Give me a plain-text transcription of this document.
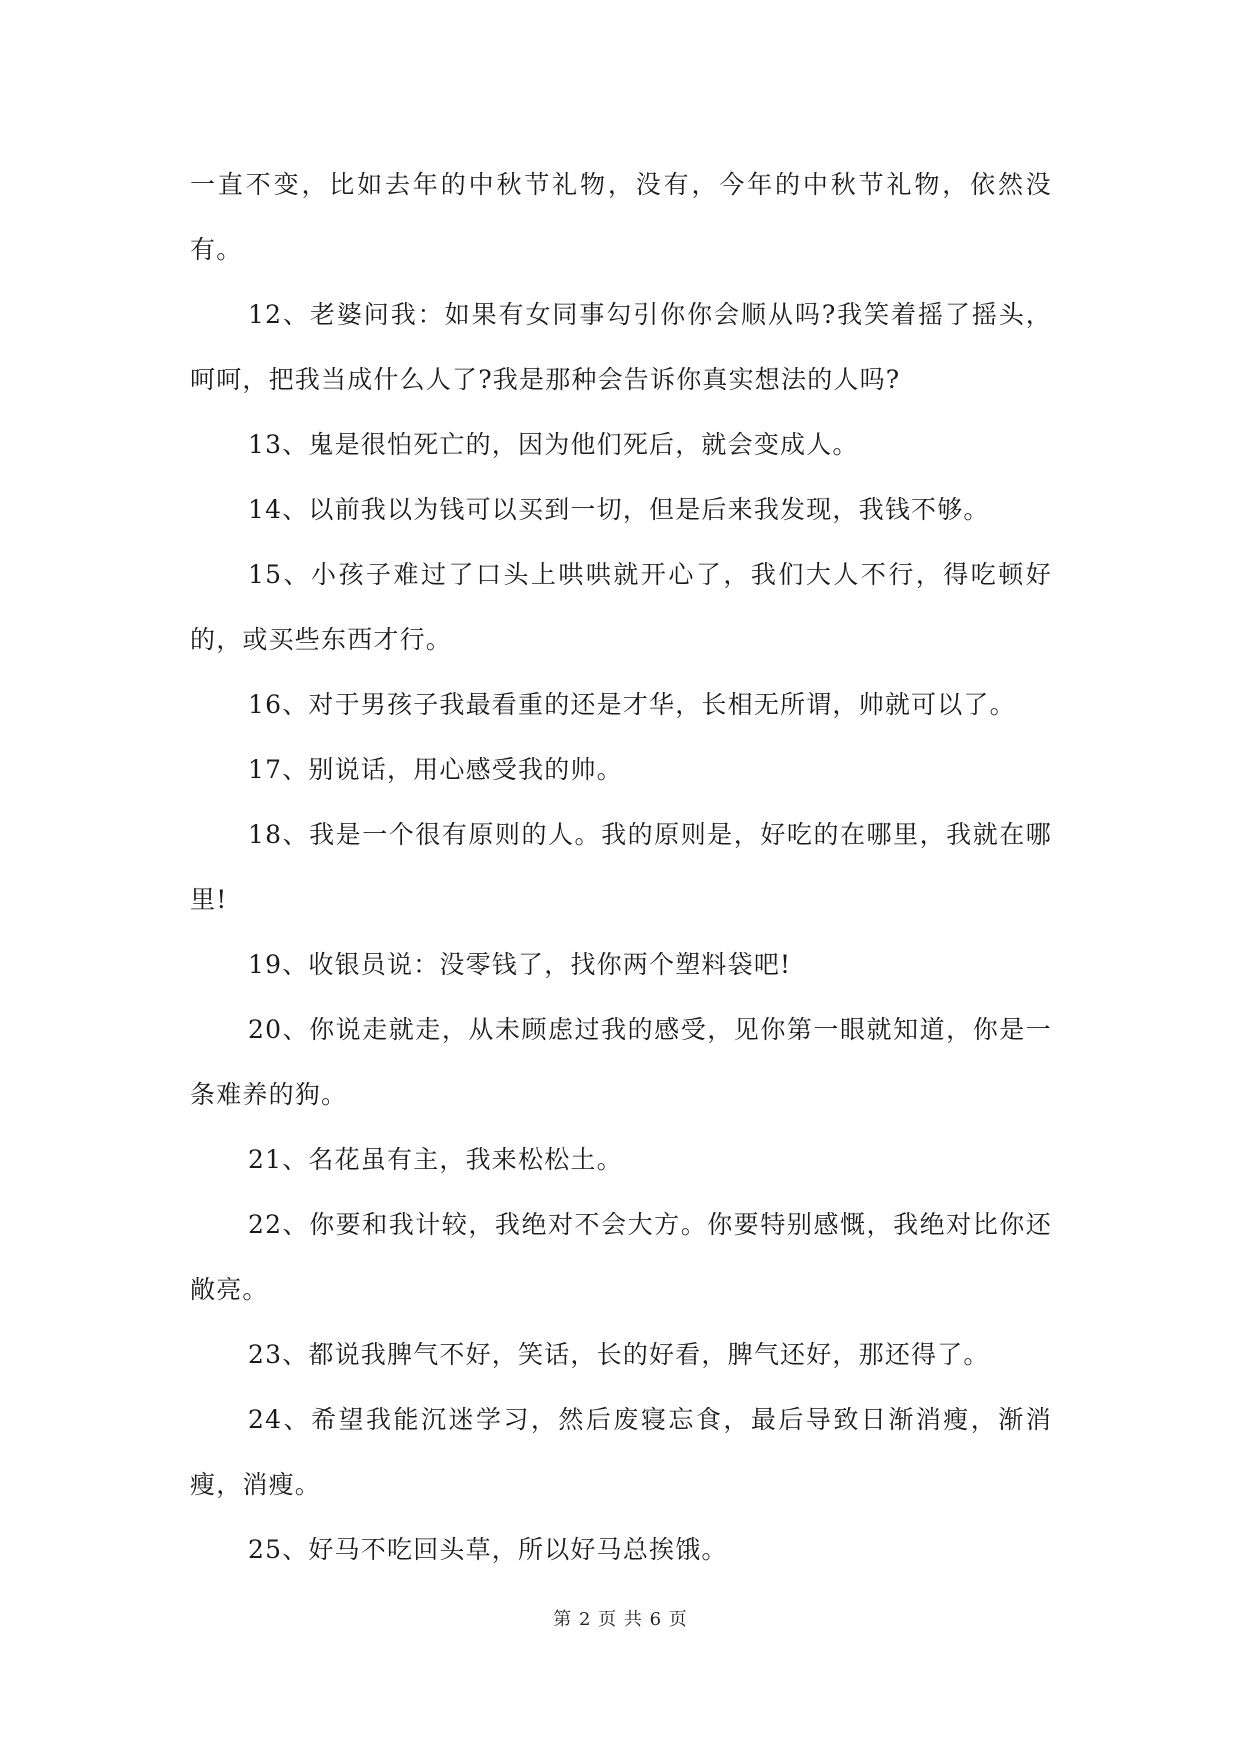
一直不变，比如去年的中秋节礼物，没有，今年的中秋节礼物，依然没有。

12、老婆问我：如果有女同事勾引你你会顺从吗?我笑着摇了摇头，呵呵，把我当成什么人了?我是那种会告诉你真实想法的人吗?

13、鬼是很怕死亡的，因为他们死后，就会变成人。

14、以前我以为钱可以买到一切，但是后来我发现，我钱不够。

15、小孩子难过了口头上哄哄就开心了，我们大人不行，得吃顿好的，或买些东西才行。

16、对于男孩子我最看重的还是才华，长相无所谓，帅就可以了。

17、别说话，用心感受我的帅。

18、我是一个很有原则的人。我的原则是，好吃的在哪里，我就在哪里!

19、收银员说：没零钱了，找你两个塑料袋吧!

20、你说走就走，从未顾虑过我的感受，见你第一眼就知道，你是一条难养的狗。

21、名花虽有主，我来松松土。

22、你要和我计较，我绝对不会大方。你要特别感慨，我绝对比你还敞亮。

23、都说我脾气不好，笑话，长的好看，脾气还好，那还得了。

24、希望我能沉迷学习，然后废寝忘食，最后导致日渐消瘦，渐消瘦，消瘦。

25、好马不吃回头草，所以好马总挨饿。

第 2 页 共 6 页
